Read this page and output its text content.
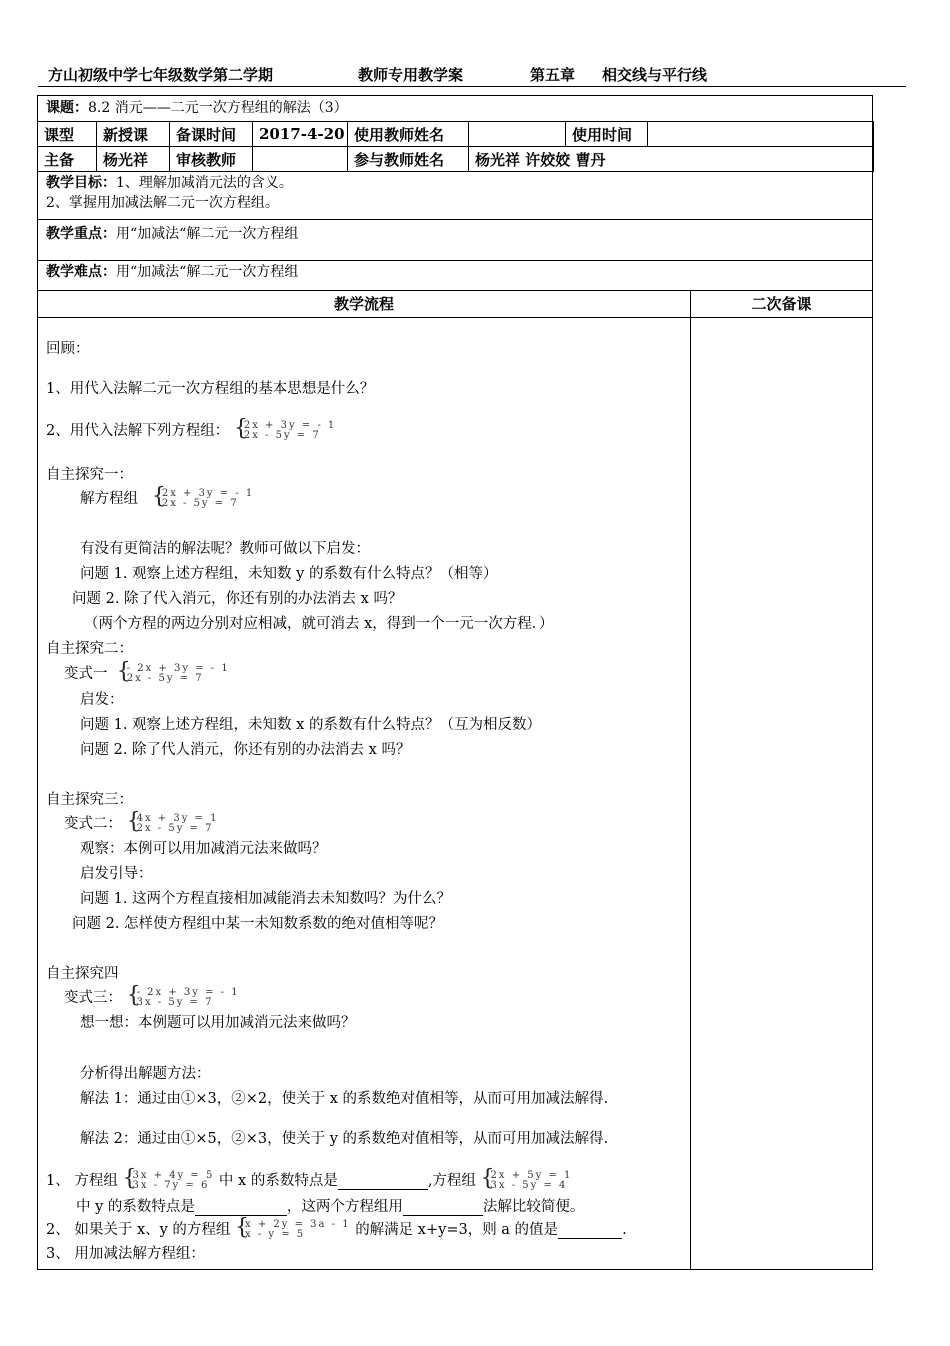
方山初级中学七年级数学第二学期	教师专用教学案	第五章 相交线与平行线
课题：8.2 消元——二元一次方程组的解法（3）
课型	新授课	备课时间	2017-4-20	使用教师姓名		使用时间	
主备	杨光祥	审核教师		参与教师姓名	杨光祥 许姣姣 曹丹		
教学目标：1、理解加减消元法的含义。
2、掌握用加减法解二元一次方程组。
教学重点：用“加减法“解二元一次方程组
教学难点：用“加减法“解二元一次方程组
教学流程
回顾：
1、用代入法解二元一次方程组的基本思想是什么？
2、用代入法解下列方程组： { 2x + 3y = - 1
2x - 5y = 7
自主探究一：
解方程组 { 2x + 3y = - 1
2x - 5y = 7
有没有更简洁的解法呢？教师可做以下启发：
问题 1. 观察上述方程组，未知数 y 的系数有什么特点？（相等）
问题 2. 除了代入消元，你还有别的办法消去 x 吗？
（两个方程的两边分别对应相减，就可消去 x，得到一个一元一次方程．）
自主探究二：
变式一 { - 2x + 3y = - 1
2x - 5y = 7
启发：
问题 1. 观察上述方程组，未知数 x 的系数有什么特点？（互为相反数）
问题 2. 除了代人消元，你还有别的办法消去 x 吗？
自主探究三：
变式二： { 4x + 3y = 1
2x - 5y = 7
观察：本例可以用加减消元法来做吗？
启发引导：
问题 1. 这两个方程直接相加减能消去未知数吗？为什么？
问题 2. 怎样使方程组中某一未知数系数的绝对值相等呢？
自主探究四
变式三： { - 2x + 3y = - 1
3x - 5y = 7
想一想：本例题可以用加减消元法来做吗？
分析得出解题方法：
解法 1：通过由①×3，②×2，使关于 x 的系数绝对值相等，从而可用加减法解得.
解法 2：通过由①×5，②×3，使关于 y 的系数绝对值相等，从而可用加减法解得.
1、 方程组 { 3x + 4y = 5
3x - 7y = 6 中 x 的系数特点是	,方程组 { 2x + 5y = 1
3x - 5y = 4
中 y 的系数特点是	，这两个方程组用	法解比较简便。
2、 如果关于 x、y 的方程组 { x + 2y = 3a - 1
x - y = 5	的解满足 x+y=3，则 a 的值是	.
3、 用加减法解方程组：
二次备课
